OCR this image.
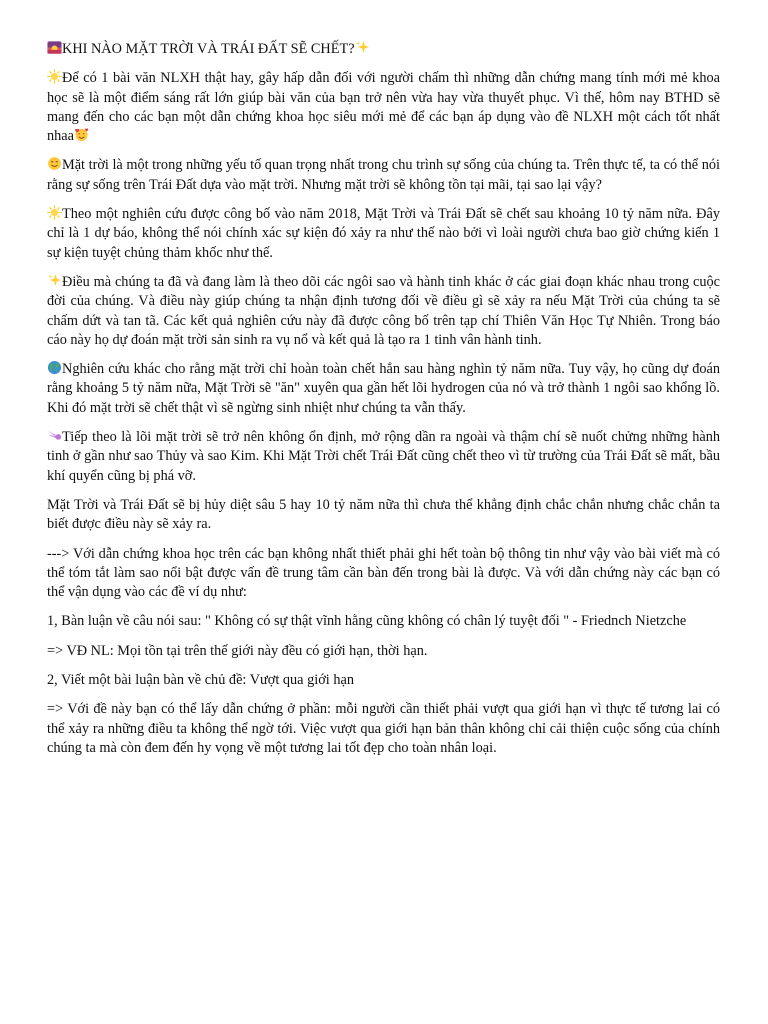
KHI NÀO MẶT TRỜI VÀ TRÁI ĐẤT SẼ CHẾT?

Để có 1 bài văn NLXH thật hay, gây hấp dẫn đối với người chấm thì những dẫn chứng mang tính mới mẻ khoa học sẽ là một điểm sáng rất lớn giúp bài văn của bạn trở nên vừa hay vừa thuyết phục. Vì thế, hôm nay BTHD sẽ mang đến cho các bạn một dẫn chứng khoa học siêu mới mẻ để các bạn áp dụng vào đề NLXH một cách tốt nhất nhaa

Mặt trời là một trong những yếu tố quan trọng nhất trong chu trình sự sống của chúng ta. Trên thực tế, ta có thể nói rằng sự sống trên Trái Đất dựa vào mặt trời. Nhưng mặt trời sẽ không tồn tại mãi, tại sao lại vậy?

Theo một nghiên cứu được công bố vào năm 2018, Mặt Trời và Trái Đất sẽ chết sau khoảng 10 tỷ năm nữa. Đây chỉ là 1 dự báo, không thể nói chính xác sự kiện đó xảy ra như thế nào bởi vì loài người chưa bao giờ chứng kiến 1 sự kiện tuyệt chủng thảm khốc như thế.

Điều mà chúng ta đã và đang làm là theo dõi các ngôi sao và hành tinh khác ở các giai đoạn khác nhau trong cuộc đời của chúng. Và điều này giúp chúng ta nhận định tương đối về điều gì sẽ xảy ra nếu Mặt Trời của chúng ta sẽ chấm dứt và tan tã. Các kết quả nghiên cứu này đã được công bố trên tạp chí Thiên Văn Học Tự Nhiên. Trong báo cáo này họ dự đoán mặt trời sản sinh ra vụ nổ và kết quả là tạo ra 1 tinh vân hành tinh.

Nghiên cứu khác cho rằng mặt trời chỉ hoàn toàn chết hẳn sau hàng nghìn tỷ năm nữa. Tuy vậy, họ cũng dự đoán rằng khoảng 5 tỷ năm nữa, Mặt Trời sẽ "ăn" xuyên qua gần hết lõi hydrogen của nó và trở thành 1 ngôi sao khổng lồ. Khi đó mặt trời sẽ chết thật vì sẽ ngừng sinh nhiệt như chúng ta vẫn thấy.

Tiếp theo là lõi mặt trời sẽ trở nên không ổn định, mở rộng dần ra ngoài và thậm chí sẽ nuốt chửng những hành tinh ở gần như sao Thủy và sao Kim. Khi Mặt Trời chết Trái Đất cũng chết theo vì từ trường của Trái Đất sẽ mất, bầu khí quyển cũng bị phá vỡ.

Mặt Trời và Trái Đất sẽ bị hủy diệt sâu 5 hay 10 tỷ năm nữa thì chưa thể khẳng định chắc chắn nhưng chắc chắn ta biết được điều này sẽ xảy ra.

---> Với dẫn chứng khoa học trên các bạn không nhất thiết phải ghi hết toàn bộ thông tin như vậy vào bài viết mà có thể tóm tắt làm sao nổi bật được vấn đề trung tâm cần bàn đến trong bài là được. Và với dẫn chứng này các bạn có thể vận dụng vào các đề ví dụ như:

1, Bàn luận về câu nói sau: " Không có sự thật vĩnh hằng cũng không có chân lý tuyệt đối " - Friednch Nietzche

=> VĐ NL: Mọi tồn tại trên thế giới này đều có giới hạn, thời hạn.

2, Viết một bài luận bàn về chủ đề: Vượt qua giới hạn

=> Với đề này bạn có thể lấy dẫn chứng ở phần: mỗi người cần thiết phải vượt qua giới hạn vì thực tế tương lai có thể xảy ra những điều ta không thể ngờ tới. Việc vượt qua giới hạn bản thân không chỉ cải thiện cuộc sống của chính chúng ta mà còn đem đến hy vọng về một tương lai tốt đẹp cho toàn nhân loại.
